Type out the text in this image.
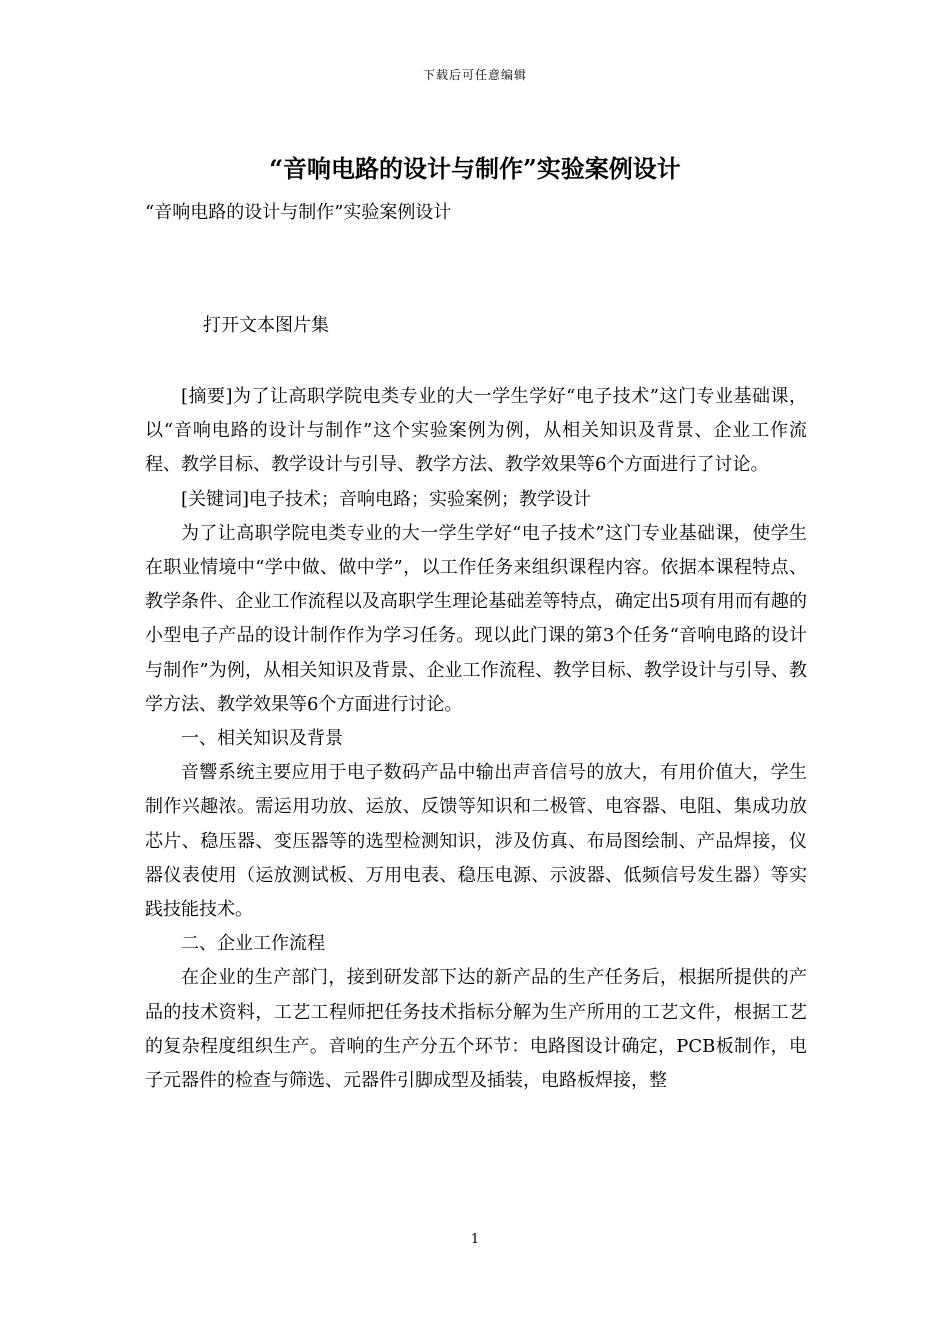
下载后可任意编辑
“音响电路的设计与制作”实验案例设计
“音响电路的设计与制作”实验案例设计
打开文本图片集

[摘要]为了让高职学院电类专业的大一学生学好“电子技术”这门专业基础课，以“音响电路的设计与制作”这个实验案例为例，从相关知识及背景、企业工作流程、教学目标、教学设计与引导、教学方法、教学效果等6个方面进行了讨论。

[关键词]电子技术；音响电路；实验案例；教学设计

为了让高职学院电类专业的大一学生学好“电子技术”这门专业基础课，使学生在职业情境中“学中做、做中学”，以工作任务来组织课程内容。依据本课程特点、教学条件、企业工作流程以及高职学生理论基础差等特点，确定出5项有用而有趣的小型电子产品的设计制作作为学习任务。现以此门课的第3个任务“音响电路的设计与制作”为例，从相关知识及背景、企业工作流程、教学目标、教学设计与引导、教学方法、教学效果等6个方面进行讨论。

一、相关知识及背景

音響系统主要应用于电子数码产品中输出声音信号的放大，有用价值大，学生制作兴趣浓。需运用功放、运放、反馈等知识和二极管、电容器、电阻、集成功放芯片、稳压器、变压器等的选型检测知识，涉及仿真、布局图绘制、产品焊接，仪器仪表使用（运放测试板、万用电表、稳压电源、示波器、低频信号发生器）等实践技能技术。

二、企业工作流程

在企业的生产部门，接到研发部下达的新产品的生产任务后，根据所提供的产品的技术资料，工艺工程师把任务技术指标分解为生产所用的工艺文件，根据工艺的复杂程度组织生产。音响的生产分五个环节：电路图设计确定，PCB板制作，电子元器件的检查与筛选、元器件引脚成型及插装，电路板焊接，整

1
